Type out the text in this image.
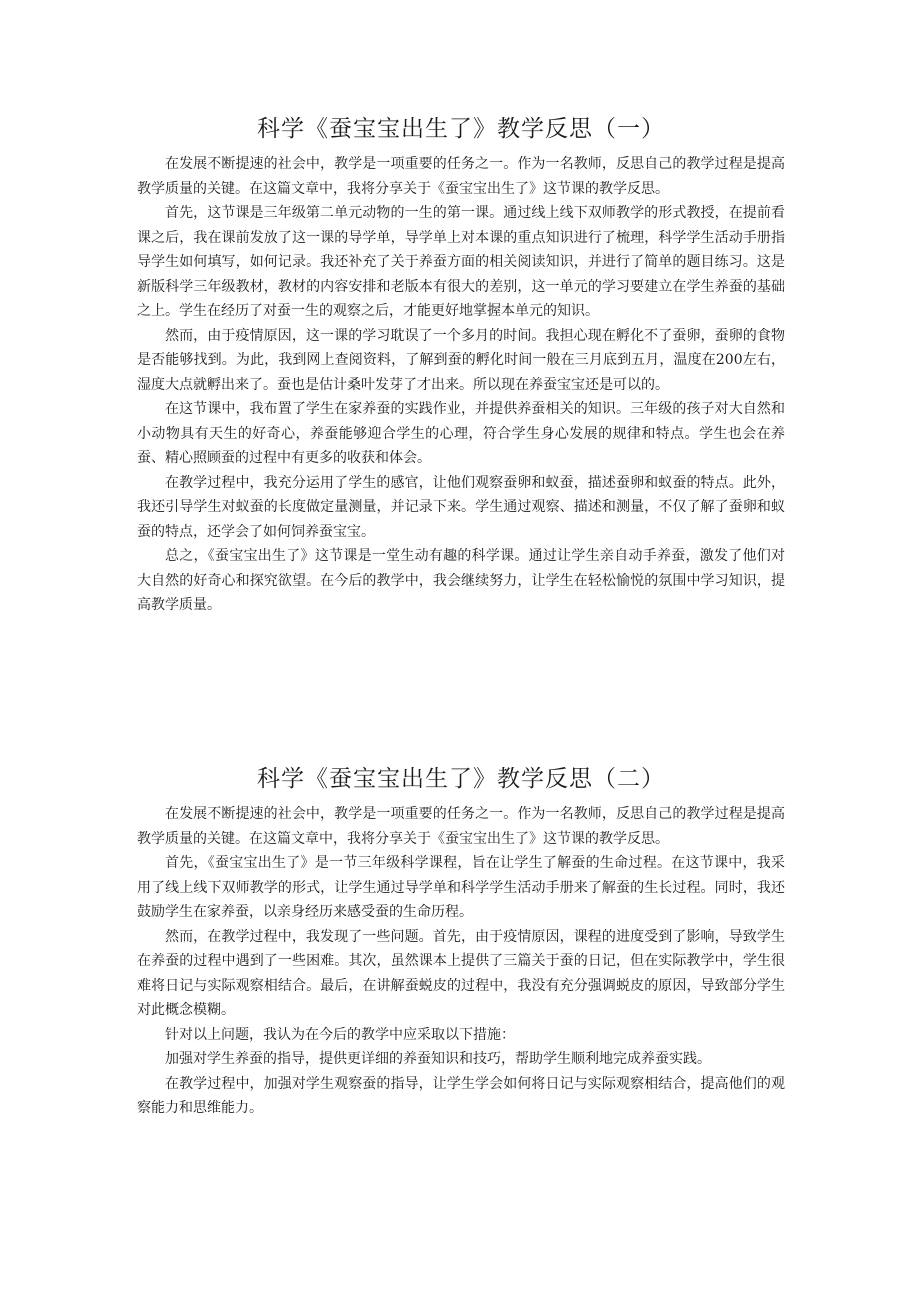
科学《蚕宝宝出生了》教学反思（一）

在发展不断提速的社会中，教学是一项重要的任务之一。作为一名教师，反思自己的教学过程是提高教学质量的关键。在这篇文章中，我将分享关于《蚕宝宝出生了》这节课的教学反思。

首先，这节课是三年级第二单元动物的一生的第一课。通过线上线下双师教学的形式教授，在提前看课之后，我在课前发放了这一课的导学单，导学单上对本课的重点知识进行了梳理，科学学生活动手册指导学生如何填写，如何记录。我还补充了关于养蚕方面的相关阅读知识，并进行了简单的题目练习。这是新版科学三年级教材，教材的内容安排和老版本有很大的差别，这一单元的学习要建立在学生养蚕的基础之上。学生在经历了对蚕一生的观察之后，才能更好地掌握本单元的知识。

然而，由于疫情原因，这一课的学习耽误了一个多月的时间。我担心现在孵化不了蚕卵，蚕卵的食物是否能够找到。为此，我到网上查阅资料，了解到蚕的孵化时间一般在三月底到五月，温度在200左右，湿度大点就孵出来了。蚕也是估计桑叶发芽了才出来。所以现在养蚕宝宝还是可以的。

在这节课中，我布置了学生在家养蚕的实践作业，并提供养蚕相关的知识。三年级的孩子对大自然和小动物具有天生的好奇心，养蚕能够迎合学生的心理，符合学生身心发展的规律和特点。学生也会在养蚕、精心照顾蚕的过程中有更多的收获和体会。

在教学过程中，我充分运用了学生的感官，让他们观察蚕卵和蚁蚕，描述蚕卵和蚁蚕的特点。此外，我还引导学生对蚁蚕的长度做定量测量，并记录下来。学生通过观察、描述和测量，不仅了解了蚕卵和蚁蚕的特点，还学会了如何饲养蚕宝宝。

总之，《蚕宝宝出生了》这节课是一堂生动有趣的科学课。通过让学生亲自动手养蚕，激发了他们对大自然的好奇心和探究欲望。在今后的教学中，我会继续努力，让学生在轻松愉悦的氛围中学习知识，提高教学质量。

科学《蚕宝宝出生了》教学反思（二）

在发展不断提速的社会中，教学是一项重要的任务之一。作为一名教师，反思自己的教学过程是提高教学质量的关键。在这篇文章中，我将分享关于《蚕宝宝出生了》这节课的教学反思。

首先，《蚕宝宝出生了》是一节三年级科学课程，旨在让学生了解蚕的生命过程。在这节课中，我采用了线上线下双师教学的形式，让学生通过导学单和科学学生活动手册来了解蚕的生长过程。同时，我还鼓励学生在家养蚕，以亲身经历来感受蚕的生命历程。

然而，在教学过程中，我发现了一些问题。首先，由于疫情原因，课程的进度受到了影响，导致学生在养蚕的过程中遇到了一些困难。其次，虽然课本上提供了三篇关于蚕的日记，但在实际教学中，学生很难将日记与实际观察相结合。最后，在讲解蚕蜕皮的过程中，我没有充分强调蜕皮的原因，导致部分学生对此概念模糊。

针对以上问题，我认为在今后的教学中应采取以下措施：

加强对学生养蚕的指导，提供更详细的养蚕知识和技巧，帮助学生顺利地完成养蚕实践。

在教学过程中，加强对学生观察蚕的指导，让学生学会如何将日记与实际观察相结合，提高他们的观察能力和思维能力。
